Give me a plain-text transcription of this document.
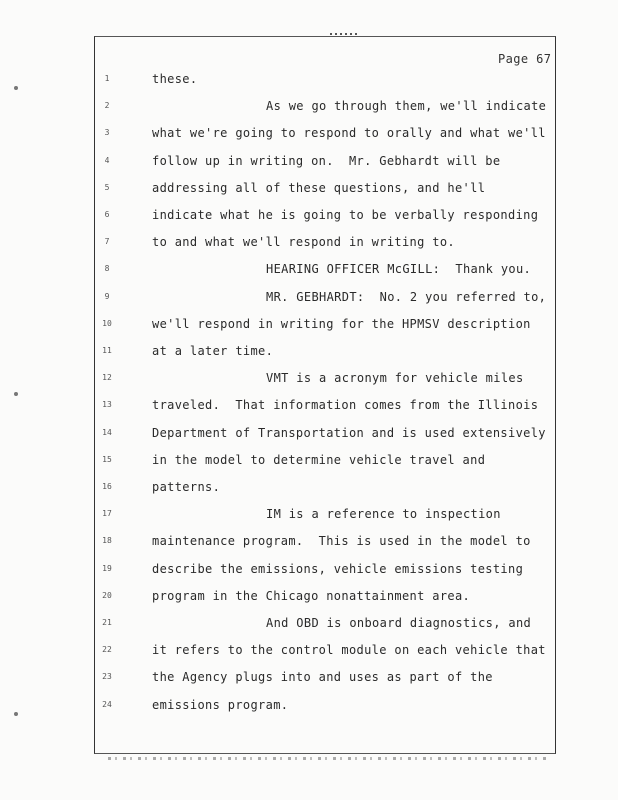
Page 67
1	these.
2	As we go through them, we'll indicate
3	what we're going to respond to orally and what we'll
4	follow up in writing on.  Mr. Gebhardt will be
5	addressing all of these questions, and he'll
6	indicate what he is going to be verbally responding
7	to and what we'll respond in writing to.
8	HEARING OFFICER McGILL:  Thank you.
9	MR. GEBHARDT:  No. 2 you referred to,
10	we'll respond in writing for the HPMSV description
11	at a later time.
12	VMT is a acronym for vehicle miles
13	traveled.  That information comes from the Illinois
14	Department of Transportation and is used extensively
15	in the model to determine vehicle travel and
16	patterns.
17	IM is a reference to inspection
18	maintenance program.  This is used in the model to
19	describe the emissions, vehicle emissions testing
20	program in the Chicago nonattainment area.
21	And OBD is onboard diagnostics, and
22	it refers to the control module on each vehicle that
23	the Agency plugs into and uses as part of the
24	emissions program.
